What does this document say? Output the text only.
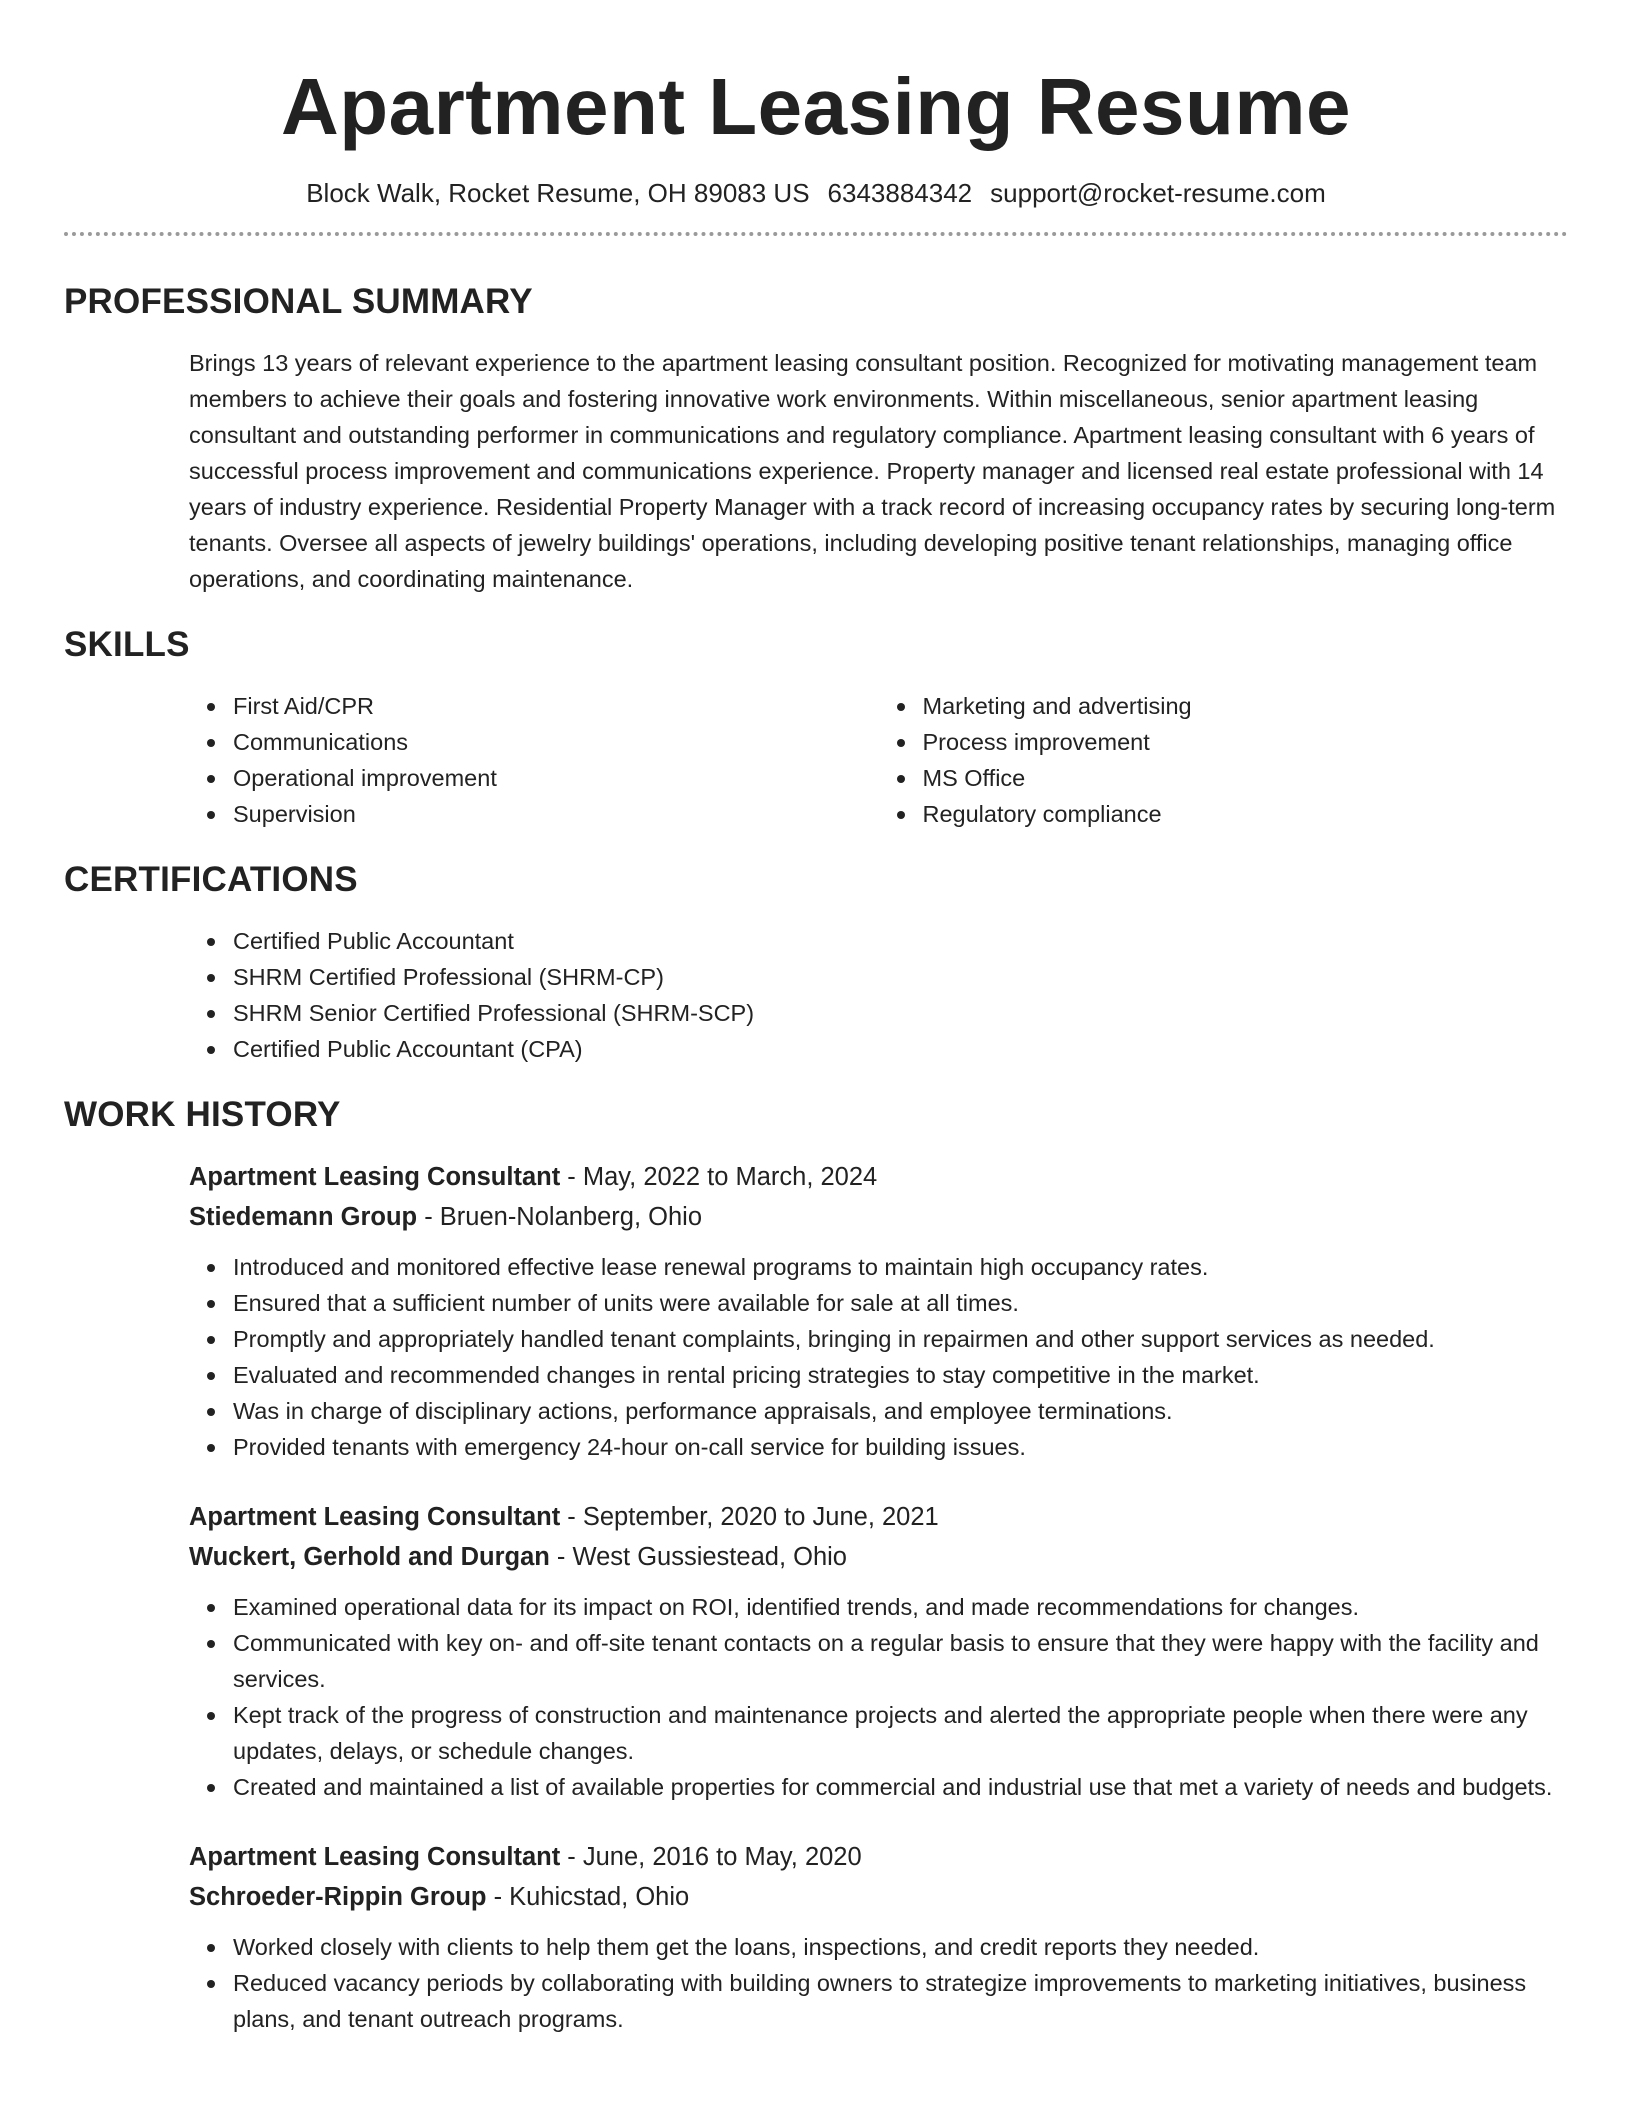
Apartment Leasing Resume
Block Walk, Rocket Resume, OH 89083 US 6343884342 support@rocket-resume.com
PROFESSIONAL SUMMARY

Brings 13 years of relevant experience to the apartment leasing consultant position. Recognized for motivating management team members to achieve their goals and fostering innovative work environments. Within miscellaneous, senior apartment leasing consultant and outstanding performer in communications and regulatory compliance. Apartment leasing consultant with 6 years of successful process improvement and communications experience. Property manager and licensed real estate professional with 14 years of industry experience. Residential Property Manager with a track record of increasing occupancy rates by securing long-term tenants. Oversee all aspects of jewelry buildings' operations, including developing positive tenant relationships, managing office operations, and coordinating maintenance.

SKILLS
First Aid/CPR
Communications
Operational improvement
Supervision
Marketing and advertising
Process improvement
MS Office
Regulatory compliance
CERTIFICATIONS
Certified Public Accountant
SHRM Certified Professional (SHRM-CP)
SHRM Senior Certified Professional (SHRM-SCP)
Certified Public Accountant (CPA)
WORK HISTORY
Apartment Leasing Consultant - May, 2022 to March, 2024
Stiedemann Group - Bruen-Nolanberg, Ohio
Introduced and monitored effective lease renewal programs to maintain high occupancy rates.
Ensured that a sufficient number of units were available for sale at all times.
Promptly and appropriately handled tenant complaints, bringing in repairmen and other support services as needed.
Evaluated and recommended changes in rental pricing strategies to stay competitive in the market.
Was in charge of disciplinary actions, performance appraisals, and employee terminations.
Provided tenants with emergency 24-hour on-call service for building issues.
Apartment Leasing Consultant - September, 2020 to June, 2021
Wuckert, Gerhold and Durgan - West Gussiestead, Ohio
Examined operational data for its impact on ROI, identified trends, and made recommendations for changes.
Communicated with key on- and off-site tenant contacts on a regular basis to ensure that they were happy with the facility and services.
Kept track of the progress of construction and maintenance projects and alerted the appropriate people when there were any updates, delays, or schedule changes.
Created and maintained a list of available properties for commercial and industrial use that met a variety of needs and budgets.
Apartment Leasing Consultant - June, 2016 to May, 2020
Schroeder-Rippin Group - Kuhicstad, Ohio
Worked closely with clients to help them get the loans, inspections, and credit reports they needed.
Reduced vacancy periods by collaborating with building owners to strategize improvements to marketing initiatives, business plans, and tenant outreach programs.
